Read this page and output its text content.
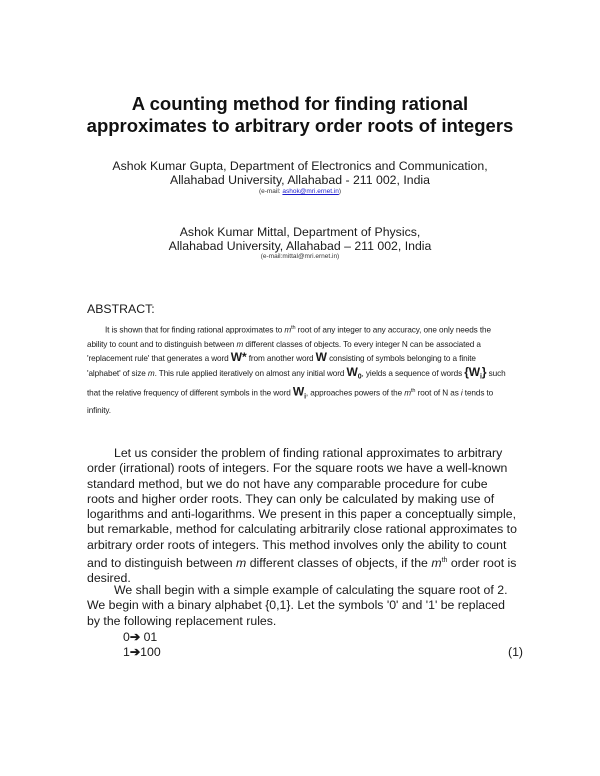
A counting method for finding rational
approximates to arbitrary order roots of integers
Ashok Kumar Gupta, Department of Electronics and Communication,
Allahabad University, Allahabad - 211 002, India
(e-mail: ashok@mri.ernet.in)
Ashok Kumar Mittal, Department of Physics,
Allahabad University, Allahabad – 211 002, India
(e-mail:mittal@mri.ernet.in)
ABSTRACT:
It is shown that for finding rational approximates to $m^{th}$ root of any integer to any accuracy, one only needs the ability to count and to distinguish between m different classes of objects. To every integer N can be associated a 'replacement rule' that generates a word W* from another word W consisting of symbols belonging to a finite 'alphabet' of size m. This rule applied iteratively on almost any initial word $W_0$, yields a sequence of words $\{W_i\}$ such that the relative frequency of different symbols in the word $W_i$, approaches powers of the $m^{th}$ root of N as i tends to infinity.
Let us consider the problem of finding rational approximates to arbitrary order (irrational) roots of integers. For the square roots we have a well-known standard method, but we do not have any comparable procedure for cube roots and higher order roots. They can only be calculated by making use of logarithms and anti-logarithms. We present in this paper a conceptually simple, but remarkable, method for calculating arbitrarily close rational approximates to arbitrary order roots of integers. This method involves only the ability to count and to distinguish between m different classes of objects, if the $m^{th}$ order root is desired.
We shall begin with a simple example of calculating the square root of 2. We begin with a binary alphabet {0,1}. Let the symbols '0' and '1' be replaced by the following replacement rules.
0➔ 01
1➔100	(1)
